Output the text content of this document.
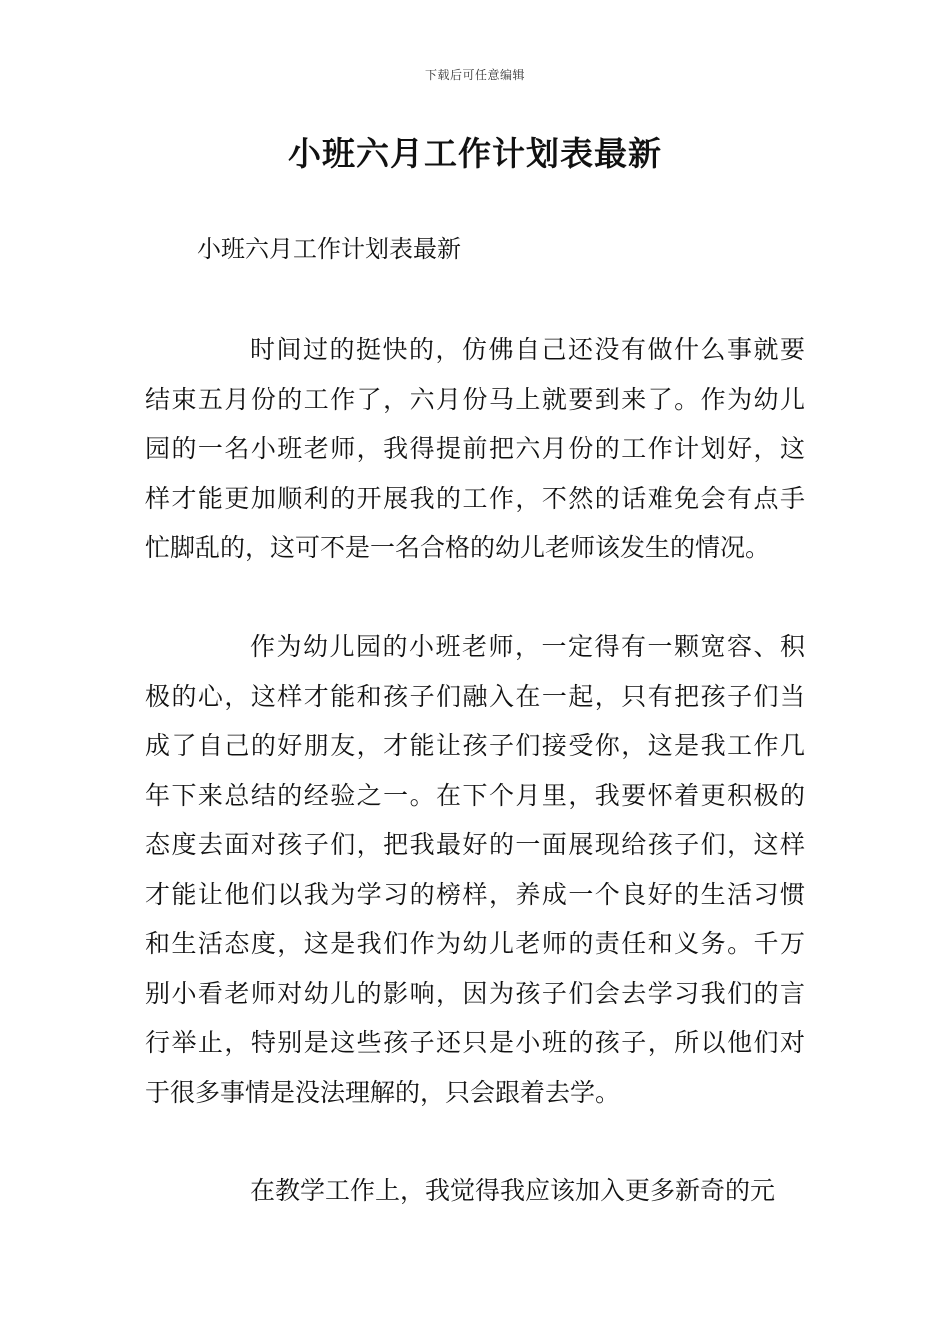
下载后可任意编辑
小班六月工作计划表最新
小班六月工作计划表最新
时间过的挺快的，仿佛自己还没有做什么事就要
结束五月份的工作了，六月份马上就要到来了。作为幼儿
园的一名小班老师，我得提前把六月份的工作计划好，这
样才能更加顺利的开展我的工作，不然的话难免会有点手
忙脚乱的，这可不是一名合格的幼儿老师该发生的情况。
作为幼儿园的小班老师，一定得有一颗宽容、积
极的心，这样才能和孩子们融入在一起，只有把孩子们当
成了自己的好朋友，才能让孩子们接受你，这是我工作几
年下来总结的经验之一。在下个月里，我要怀着更积极的
态度去面对孩子们，把我最好的一面展现给孩子们，这样
才能让他们以我为学习的榜样，养成一个良好的生活习惯
和生活态度，这是我们作为幼儿老师的责任和义务。千万
别小看老师对幼儿的影响，因为孩子们会去学习我们的言
行举止，特别是这些孩子还只是小班的孩子，所以他们对
于很多事情是没法理解的，只会跟着去学。
在教学工作上，我觉得我应该加入更多新奇的元
